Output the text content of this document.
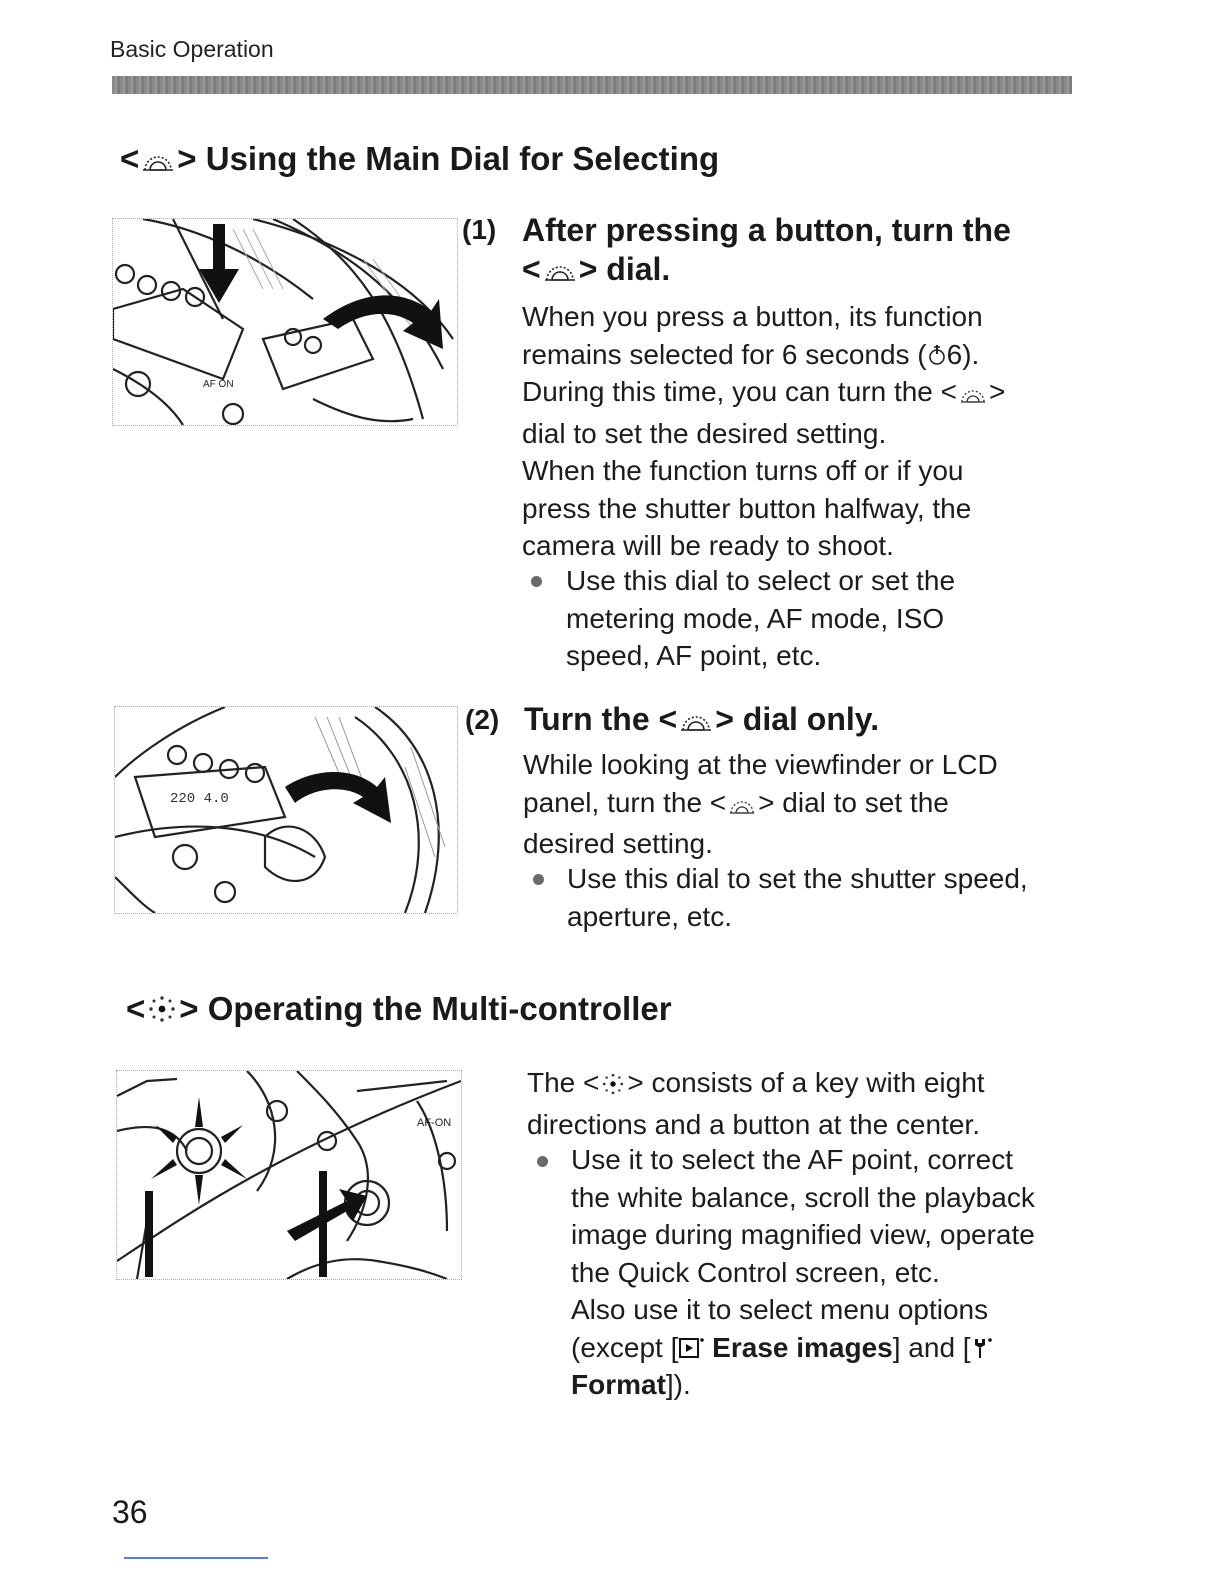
Basic Operation
< > Using the Main Dial for Selecting
AF ON
(1) After pressing a button, turn the
< > dial.
When you press a button, its function
remains selected for 6 seconds ( 6).
During this time, you can turn the < >
dial to set the desired setting.
When the function turns off or if you
press the shutter button halfway, the
camera will be ready to shoot.
Use this dial to select or set the
metering mode, AF mode, ISO
speed, AF point, etc.
220 4.0
(2) Turn the < > dial only.
While looking at the viewfinder or LCD
panel, turn the < > dial to set the
desired setting.
Use this dial to set the shutter speed,
aperture, etc.
< > Operating the Multi-controller
AF-ON
The < > consists of a key with eight
directions and a button at the center.
Use it to select the AF point, correct
the white balance, scroll the playback
image during magnified view, operate
the Quick Control screen, etc.
Also use it to select menu options
(except [ Erase images] and [
Format]).
36
